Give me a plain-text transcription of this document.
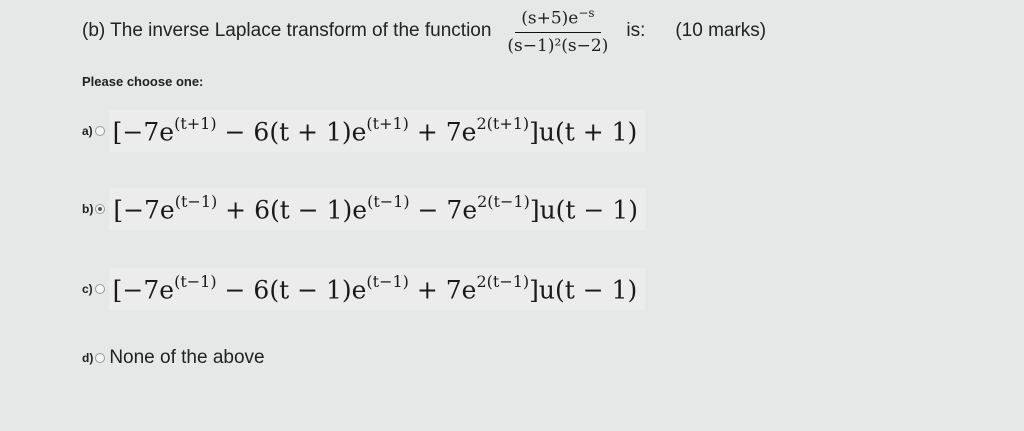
(b) The inverse Laplace transform of the function $\frac{(s+5)e^{-s}}{\text{(s−1)²(s−2)}}$ is: (10 marks)
Please choose one:
a) $[-7e^{(t+1)} - 6(t + 1)e^{(t+1)} + 7e^{2(t+1)}]u(t + 1)$
b) $[-7e^{(t-1)} + 6(t - 1)e^{(t-1)} - 7e^{2(t-1)}]u(t - 1)$
c) $[-7e^{(t-1)} - 6(t - 1)e^{(t-1)} + 7e^{2(t-1)}]u(t - 1)$
d) None of the above
